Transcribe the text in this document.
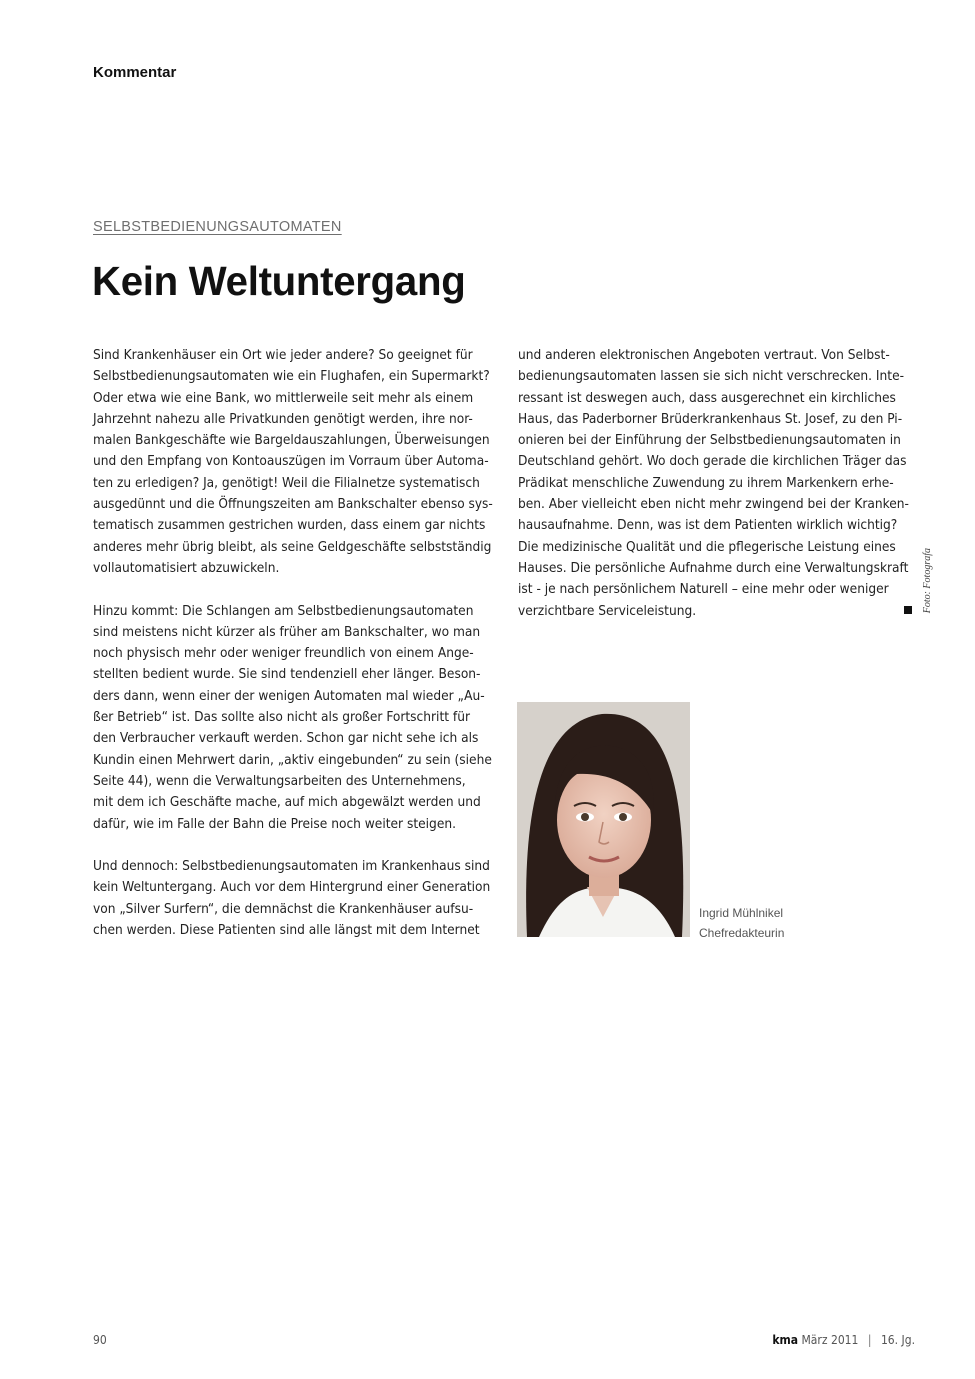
Kommentar
SELBSTBEDIENUNGSAUTOMATEN
Kein Weltuntergang

Sind Krankenhäuser ein Ort wie jeder andere? So geeignet für
Selbstbedienungsautomaten wie ein Flughafen, ein Supermarkt?
Oder etwa wie eine Bank, wo mittlerweile seit mehr als einem
Jahrzehnt nahezu alle Privatkunden genötigt werden, ihre nor-
malen Bankgeschäfte wie Bargeldauszahlungen, Überweisungen
und den Empfang von Kontoauszügen im Vorraum über Automa-
ten zu erledigen? Ja, genötigt! Weil die Filialnetze systematisch
ausgedünnt und die Öffnungszeiten am Bankschalter ebenso sys-
tematisch zusammen gestrichen wurden, dass einem gar nichts
anderes mehr übrig bleibt, als seine Geldgeschäfte selbstständig
vollautomatisiert abzuwickeln.

Hinzu kommt: Die Schlangen am Selbstbedienungsautomaten
sind meistens nicht kürzer als früher am Bankschalter, wo man
noch physisch mehr oder weniger freundlich von einem Ange-
stellten bedient wurde. Sie sind tendenziell eher länger. Beson-
ders dann, wenn einer der wenigen Automaten mal wieder „Au-
ßer Betrieb“ ist. Das sollte also nicht als großer Fortschritt für
den Verbraucher verkauft werden. Schon gar nicht sehe ich als
Kundin einen Mehrwert darin, „aktiv eingebunden“ zu sein (siehe
Seite 44), wenn die Verwaltungsarbeiten des Unternehmens,
mit dem ich Geschäfte mache, auf mich abgewälzt werden und
dafür, wie im Falle der Bahn die Preise noch weiter steigen.

Und dennoch: Selbstbedienungsautomaten im Krankenhaus sind
kein Weltuntergang. Auch vor dem Hintergrund einer Generation
von „Silver Surfern“, die demnächst die Krankenhäuser aufsu-
chen werden. Diese Patienten sind alle längst mit dem Internet

und anderen elektronischen Angeboten vertraut. Von Selbst-
bedienungsautomaten lassen sie sich nicht verschrecken. Inte-
ressant ist deswegen auch, dass ausgerechnet ein kirchliches
Haus, das Paderborner Brüderkrankenhaus St. Josef, zu den Pi-
onieren bei der Einführung der Selbstbedienungsautomaten in
Deutschland gehört. Wo doch gerade die kirchlichen Träger das
Prädikat menschliche Zuwendung zu ihrem Markenkern erhe-
ben. Aber vielleicht eben nicht mehr zwingend bei der Kranken-
hausaufnahme. Denn, was ist dem Patienten wirklich wichtig?
Die medizinische Qualität und die pflegerische Leistung eines
Hauses. Die persönliche Aufnahme durch eine Verwaltungskraft
ist - je nach persönlichem Naturell – eine mehr oder weniger
verzichtbare Serviceleistung.	Foto: Fotografa
Ingrid Mühlnikel
Chefredakteurin
90	kma März 2011 | 16. Jg.
